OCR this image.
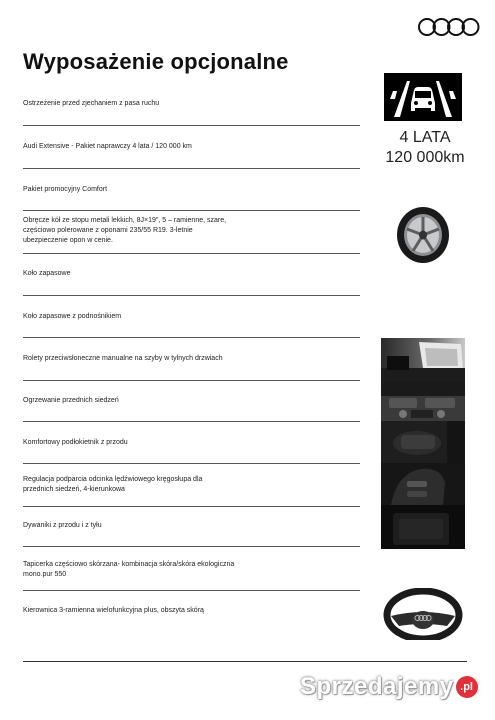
Wyposażenie opcjonalne
Ostrzeżenie przed zjechaniem z pasa ruchu
Audi Extensive - Pakiet naprawczy 4 lata / 120 000 km
Pakiet promocyjny Comfort
Obręcze kół ze stopu metali lekkich, 8J×19", 5 – ramienne, szare, częściowo polerowane z oponami 235/55 R19. 3-letnie ubezpieczenie opon w cenie.
Koło zapasowe
Koło zapasowe z podnośnikiem
Rolety przeciwsłoneczne manualne na szyby w tylnych drzwiach
Ogrzewanie przednich siedzeń
Komfortowy podłokietnik z przodu
Regulacja podparcia odcinka lędźwiowego kręgosłupa dla przednich siedzeń, 4-kierunkowa
Dywaniki z przodu i z tyłu
Tapicerka częściowo skórzana- kombinacja skóra/skóra ekologiczna mono.pur 550
Kierownica 3-ramienna wielofunkcyjna plus, obszyta skórą
4 LATA
120 000km
Sprzedajemy .pl
